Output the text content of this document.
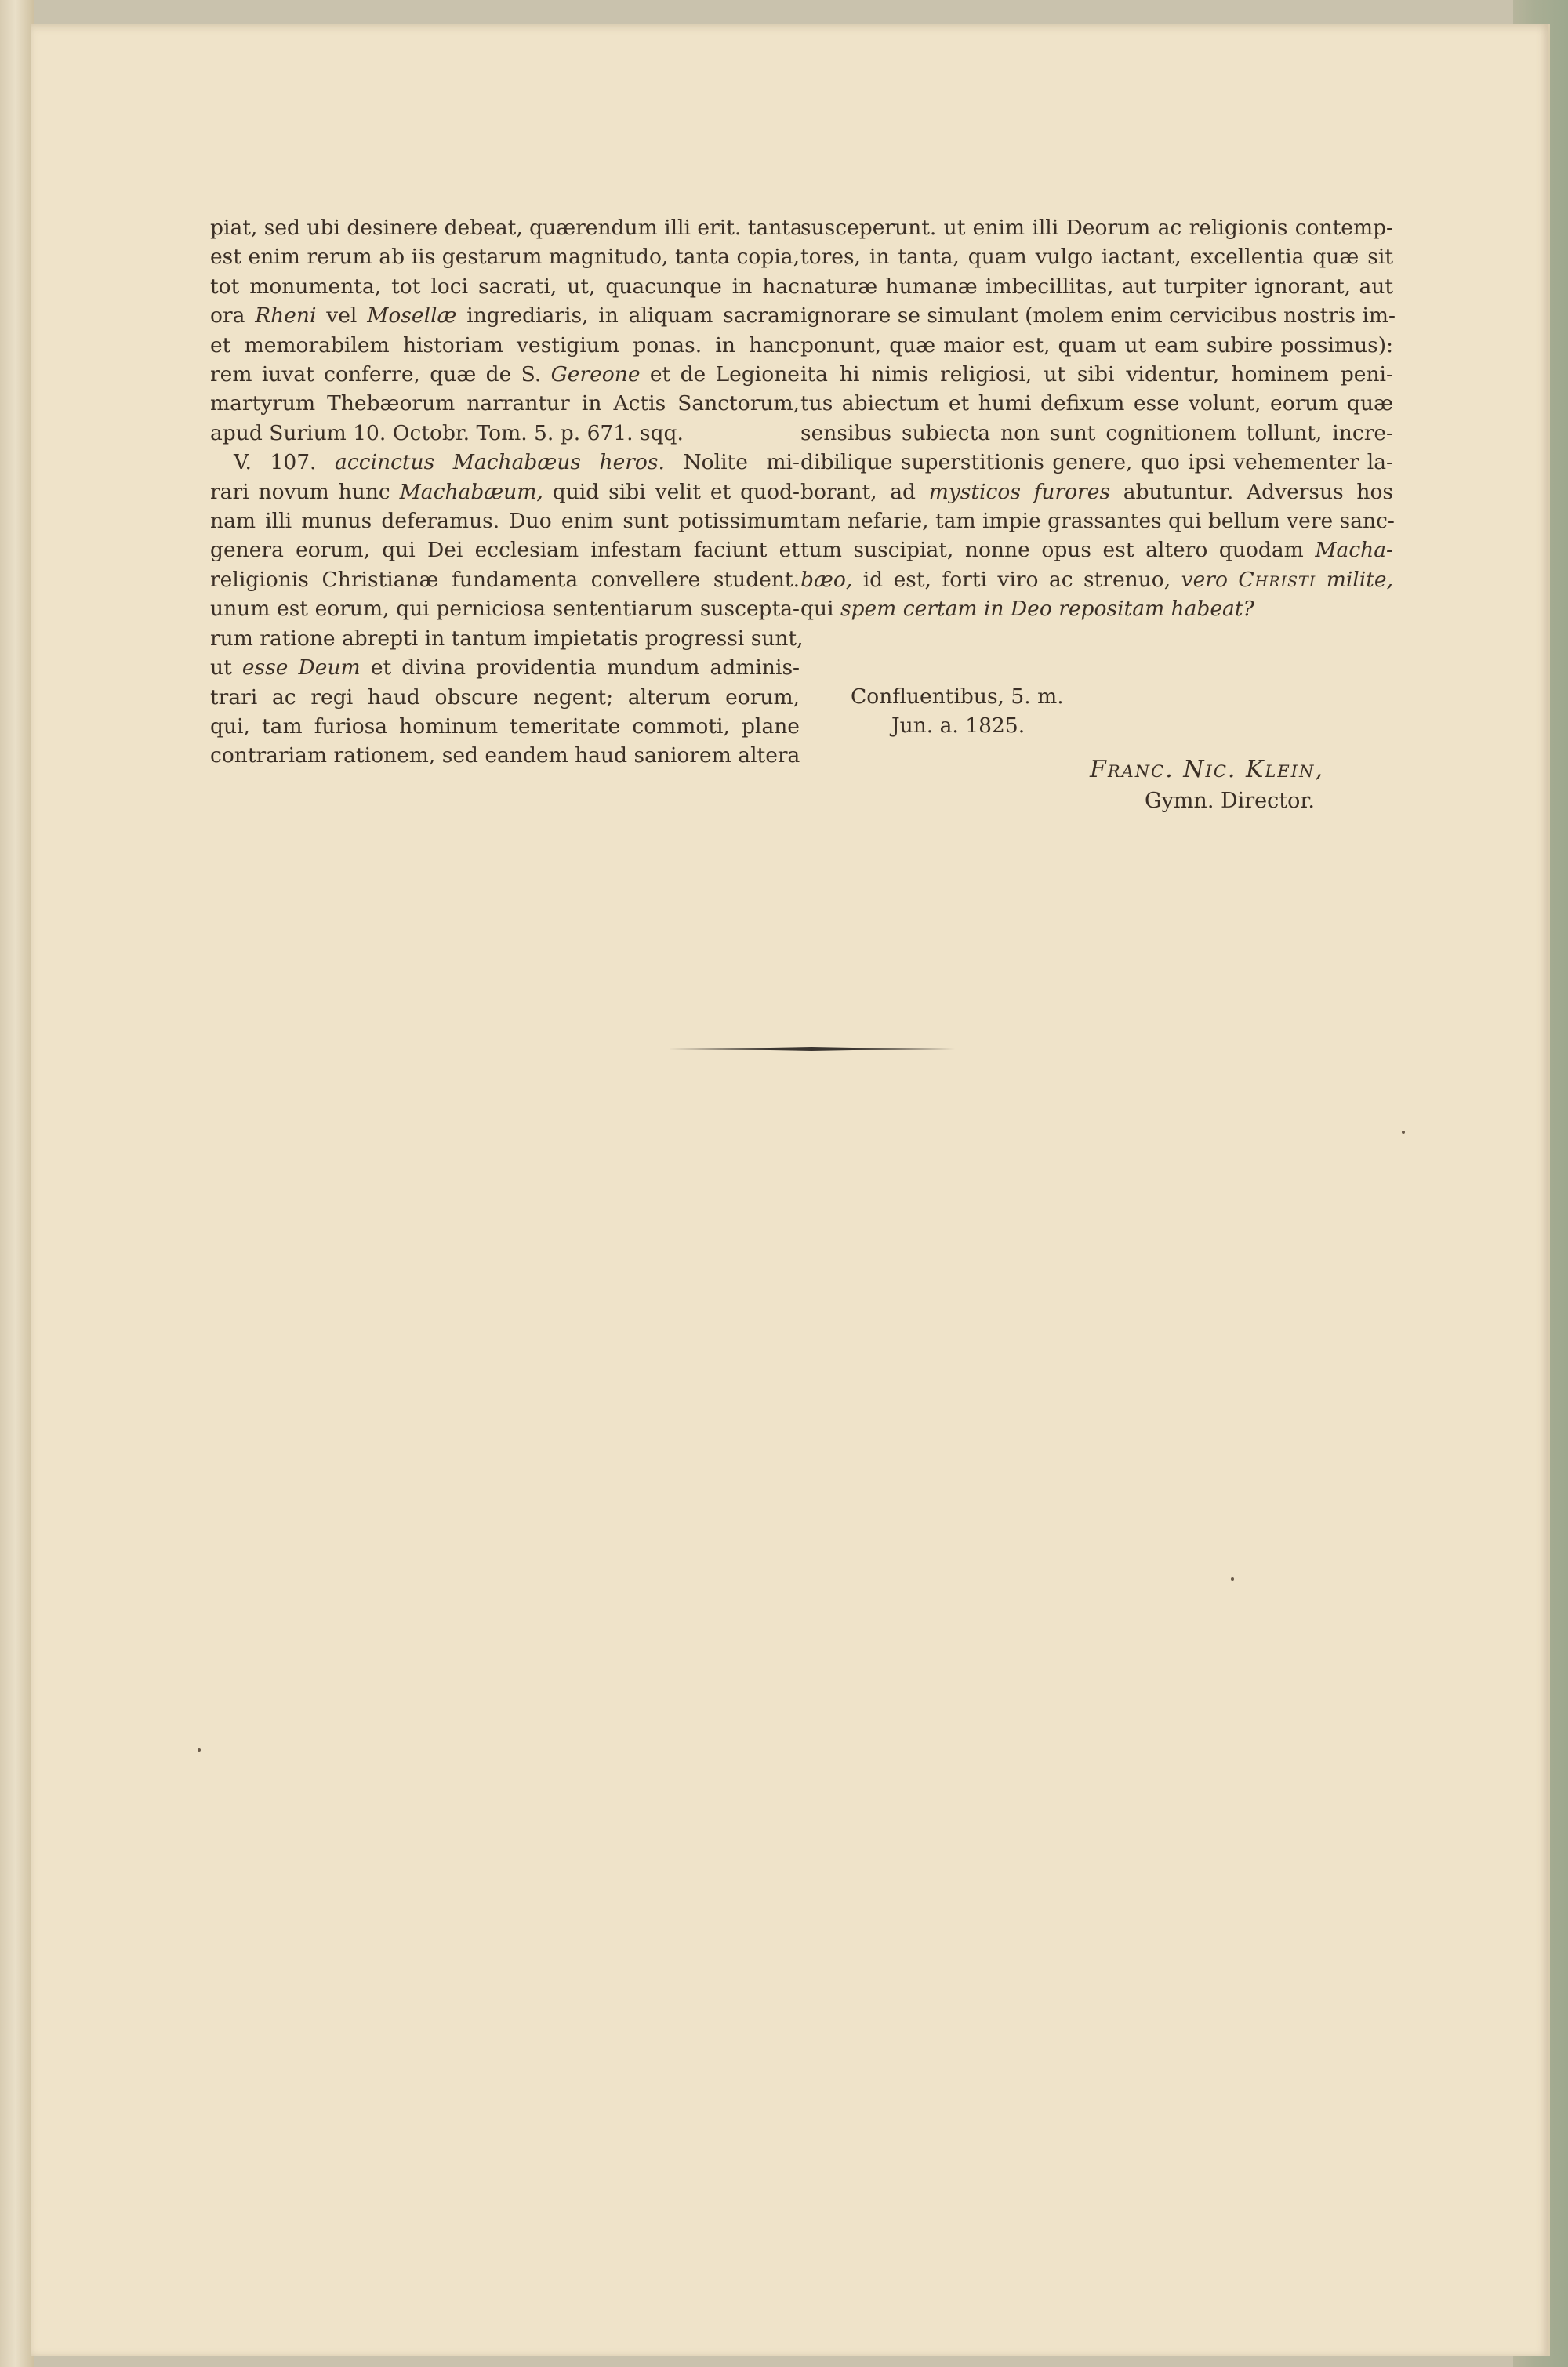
piat, sed ubi desinere debeat, quærendum illi erit. tanta
est enim rerum ab iis gestarum magnitudo, tanta copia,
tot monumenta, tot loci sacrati, ut, quacunque in hac
ora Rheni vel Mosellæ ingrediaris, in aliquam sacram
et memorabilem historiam vestigium ponas. in hanc
rem iuvat conferre, quæ de S. Gereone et de Legione
martyrum Thebæorum narrantur in Actis Sanctorum,
apud Surium 10. Octobr. Tom. 5. p. 671. sqq.
V. 107. accinctus Machabæus heros. Nolite mi-
rari novum hunc Machabæum, quid sibi velit et quod-
nam illi munus deferamus. Duo enim sunt potissimum
genera eorum, qui Dei ecclesiam infestam faciunt et
religionis Christianæ fundamenta convellere student.
unum est eorum, qui perniciosa sententiarum suscepta-
rum ratione abrepti in tantum impietatis progressi sunt,
ut esse Deum et divina providentia mundum adminis-
trari ac regi haud obscure negent; alterum eorum,
qui, tam furiosa hominum temeritate commoti, plane
contrariam rationem, sed eandem haud saniorem altera
susceperunt. ut enim illi Deorum ac religionis contemp-
tores, in tanta, quam vulgo iactant, excellentia quæ sit
naturæ humanæ imbecillitas, aut turpiter ignorant, aut
ignorare se simulant (molem enim cervicibus nostris im-
ponunt, quæ maior est, quam ut eam subire possimus):
ita hi nimis religiosi, ut sibi videntur, hominem peni-
tus abiectum et humi defixum esse volunt, eorum quæ
sensibus subiecta non sunt cognitionem tollunt, incre-
dibilique superstitionis genere, quo ipsi vehementer la-
borant, ad mysticos furores abutuntur. Adversus hos
tam nefarie, tam impie grassantes qui bellum vere sanc-
tum suscipiat, nonne opus est altero quodam Macha-
bæo, id est, forti viro ac strenuo, vero Christi milite,
qui spem certam in Deo repositam habeat?
Confluentibus, 5. m.
Jun. a. 1825.
Franc. Nic. Klein,
Gymn. Director.
